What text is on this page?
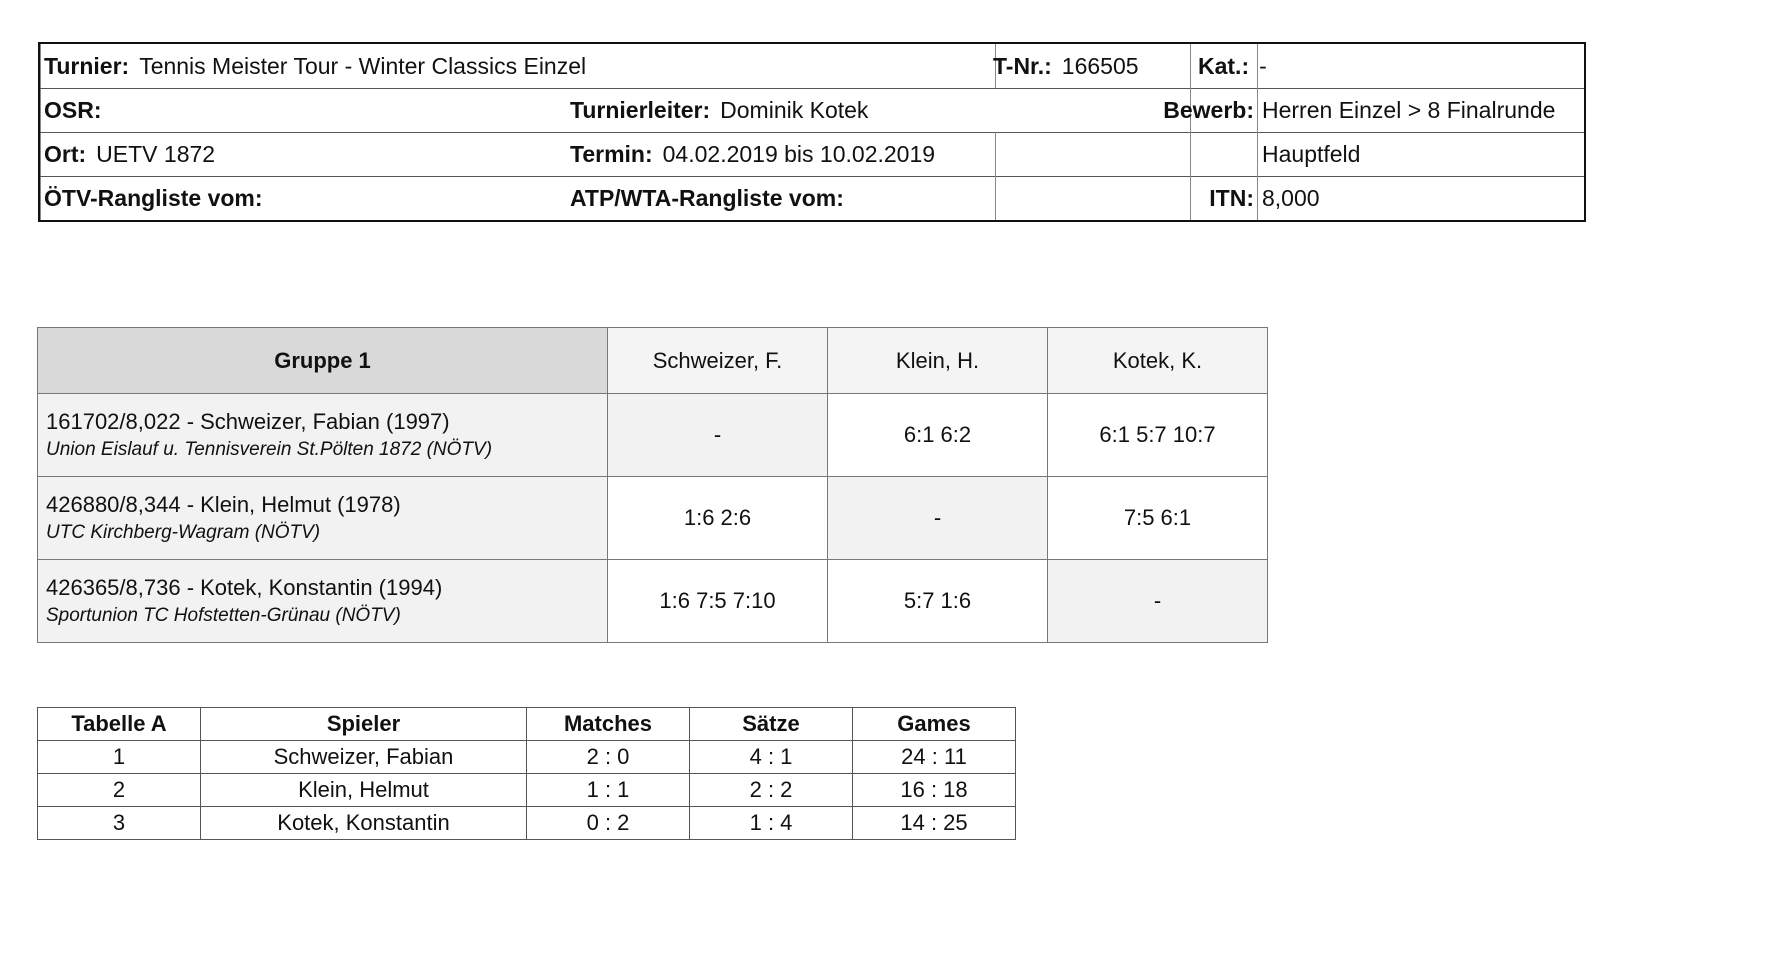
Turnier: Tennis Meister Tour - Winter Classics Einzel	T-Nr.: 166505	Kat.: -
OSR:	Turnierleiter: Dominik Kotek	Bewerb: Herren Einzel > 8 Finalrunde
Ort: UETV 1872	Termin: 04.02.2019 bis 10.02.2019	Hauptfeld
ÖTV-Rangliste vom:	ATP/WTA-Rangliste vom:	ITN: 8,000
Gruppe 1	Schweizer, F.	Klein, H.	Kotek, K.

161702/8,022 - Schweizer, Fabian (1997)
Union Eislauf u. Tennisverein St.Pölten 1872 (NÖTV)	-	6:1 6:2	6:1 5:7 10:7

426880/8,344 - Klein, Helmut (1978)
UTC Kirchberg-Wagram (NÖTV)	1:6 2:6	-	7:5 6:1

426365/8,736 - Kotek, Konstantin (1994)
Sportunion TC Hofstetten-Grünau (NÖTV)	1:6 7:5 7:10	5:7 1:6	-
Tabelle A	Spieler	Matches	Sätze	Games
1	Schweizer, Fabian	2 : 0	4 : 1	24 : 11
2	Klein, Helmut	1 : 1	2 : 2	16 : 18
3	Kotek, Konstantin	0 : 2	1 : 4	14 : 25
